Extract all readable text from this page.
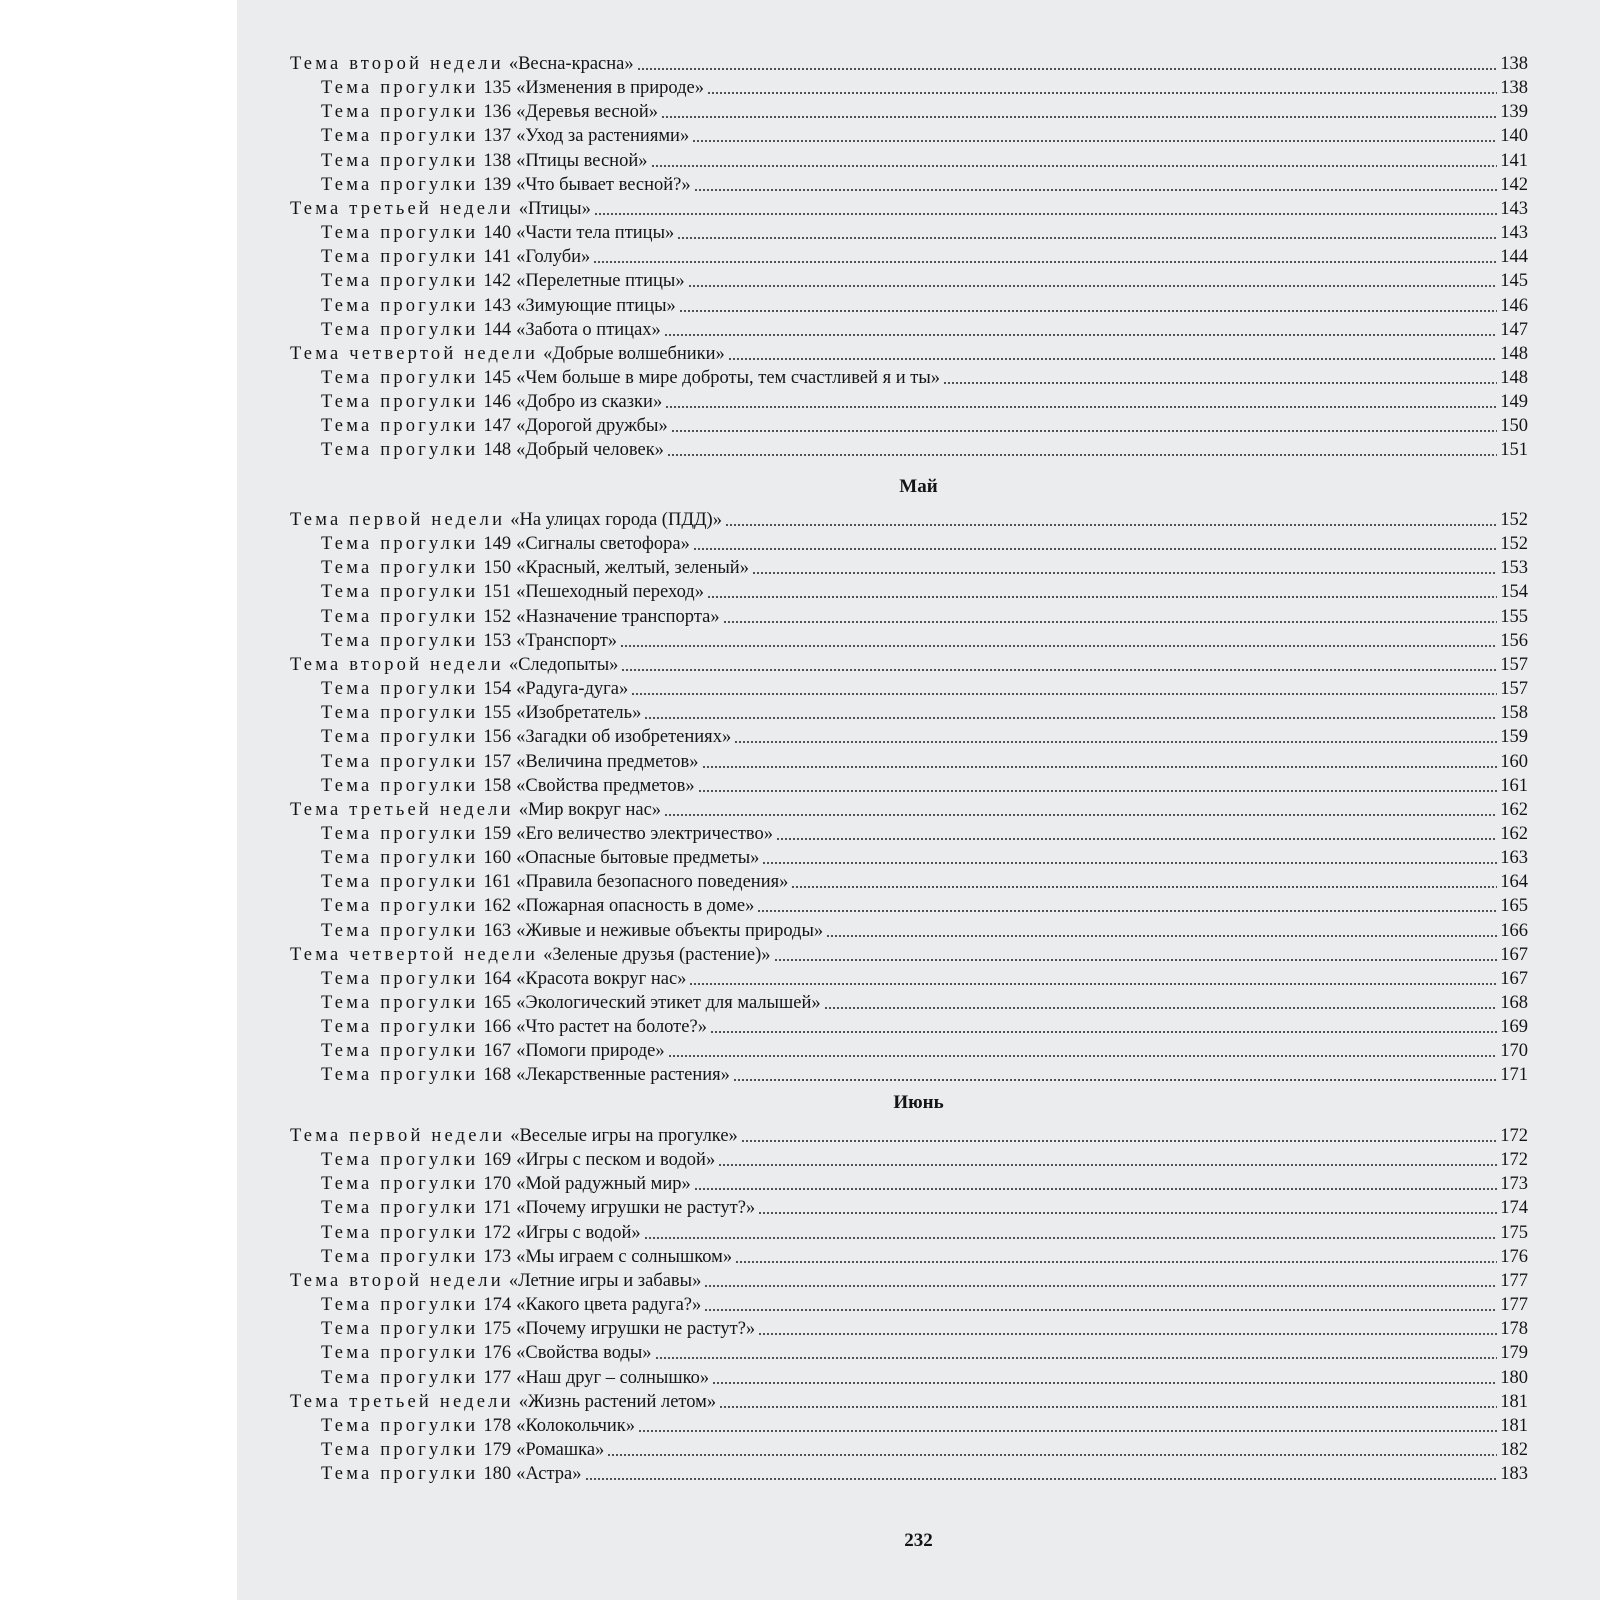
Тема второй недели «Весна-красна»	138
Тема прогулки 135 «Изменения в природе»	138
Тема прогулки 136 «Деревья весной»	139
Тема прогулки 137 «Уход за растениями»	140
Тема прогулки 138 «Птицы весной»	141
Тема прогулки 139 «Что бывает весной?»	142
Тема третьей недели «Птицы»	143
Тема прогулки 140 «Части тела птицы»	143
Тема прогулки 141 «Голуби»	144
Тема прогулки 142 «Перелетные птицы»	145
Тема прогулки 143 «Зимующие птицы»	146
Тема прогулки 144 «Забота о птицах»	147
Тема четвертой недели «Добрые волшебники»	148
Тема прогулки 145 «Чем больше в мире доброты, тем счастливей я и ты»	148
Тема прогулки 146 «Добро из сказки»	149
Тема прогулки 147 «Дорогой дружбы»	150
Тема прогулки 148 «Добрый человек»	151
Май
Тема первой недели «На улицах города (ПДД)»	152
Тема прогулки 149 «Сигналы светофора»	152
Тема прогулки 150 «Красный, желтый, зеленый»	153
Тема прогулки 151 «Пешеходный переход»	154
Тема прогулки 152 «Назначение транспорта»	155
Тема прогулки 153 «Транспорт»	156
Тема второй недели «Следопыты»	157
Тема прогулки 154 «Радуга-дуга»	157
Тема прогулки 155 «Изобретатель»	158
Тема прогулки 156 «Загадки об изобретениях»	159
Тема прогулки 157 «Величина предметов»	160
Тема прогулки 158 «Свойства предметов»	161
Тема третьей недели «Мир вокруг нас»	162
Тема прогулки 159 «Его величество электричество»	162
Тема прогулки 160 «Опасные бытовые предметы»	163
Тема прогулки 161 «Правила безопасного поведения»	164
Тема прогулки 162 «Пожарная опасность в доме»	165
Тема прогулки 163 «Живые и неживые объекты природы»	166
Тема четвертой недели «Зеленые друзья (растение)»	167
Тема прогулки 164 «Красота вокруг нас»	167
Тема прогулки 165 «Экологический этикет для малышей»	168
Тема прогулки 166 «Что растет на болоте?»	169
Тема прогулки 167 «Помоги природе»	170
Тема прогулки 168 «Лекарственные растения»	171
Июнь
Тема первой недели «Веселые игры на прогулке»	172
Тема прогулки 169 «Игры с песком и водой»	172
Тема прогулки 170 «Мой радужный мир»	173
Тема прогулки 171 «Почему игрушки не растут?»	174
Тема прогулки 172 «Игры с водой»	175
Тема прогулки 173 «Мы играем с солнышком»	176
Тема второй недели «Летние игры и забавы»	177
Тема прогулки 174 «Какого цвета радуга?»	177
Тема прогулки 175 «Почему игрушки не растут?»	178
Тема прогулки 176 «Свойства воды»	179
Тема прогулки 177 «Наш друг – солнышко»	180
Тема третьей недели «Жизнь растений летом»	181
Тема прогулки 178 «Колокольчик»	181
Тема прогулки 179 «Ромашка»	182
Тема прогулки 180 «Астра»	183
232
